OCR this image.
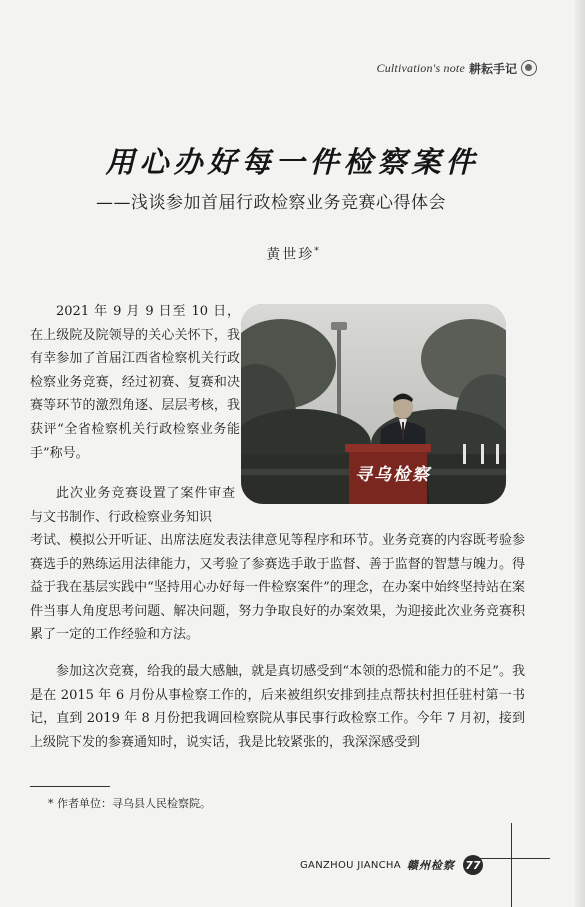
Cultivation's note 耕耘手记
用心办好每一件检察案件
——浅谈参加首届行政检察业务竞赛心得体会
黄世珍*
2021 年 9 月 9 日至 10 日，在上级院及院领导的关心关怀下，我有幸参加了首届江西省检察机关行政检察业务竞赛，经过初赛、复赛和决赛等环节的激烈角逐、层层考核，我获评“全省检察机关行政检察业务能手”称号。
此次业务竞赛设置了案件审查与文书制作、行政检察业务知识
考试、模拟公开听证、出席法庭发表法律意见等程序和环节。业务竞赛的内容既考验参赛选手的熟练运用法律能力，又考验了参赛选手敢于监督、善于监督的智慧与魄力。得益于我在基层实践中“坚持用心办好每一件检察案件”的理念，在办案中始终坚持站在案件当事人角度思考问题、解决问题，努力争取良好的办案效果，为迎接此次业务竞赛积累了一定的工作经验和方法。
参加这次竞赛，给我的最大感触，就是真切感受到“本领的恐慌和能力的不足”。我是在 2015 年 6 月份从事检察工作的，后来被组织安排到挂点帮扶村担任驻村第一书记，直到 2019 年 8 月份把我调回检察院从事民事行政检察工作。今年 7 月初，接到上级院下发的参赛通知时，说实话，我是比较紧张的，我深深感受到
寻乌检察
* 作者单位：寻乌县人民检察院。
GANZHOU JIANCHA 赣州检察 77
